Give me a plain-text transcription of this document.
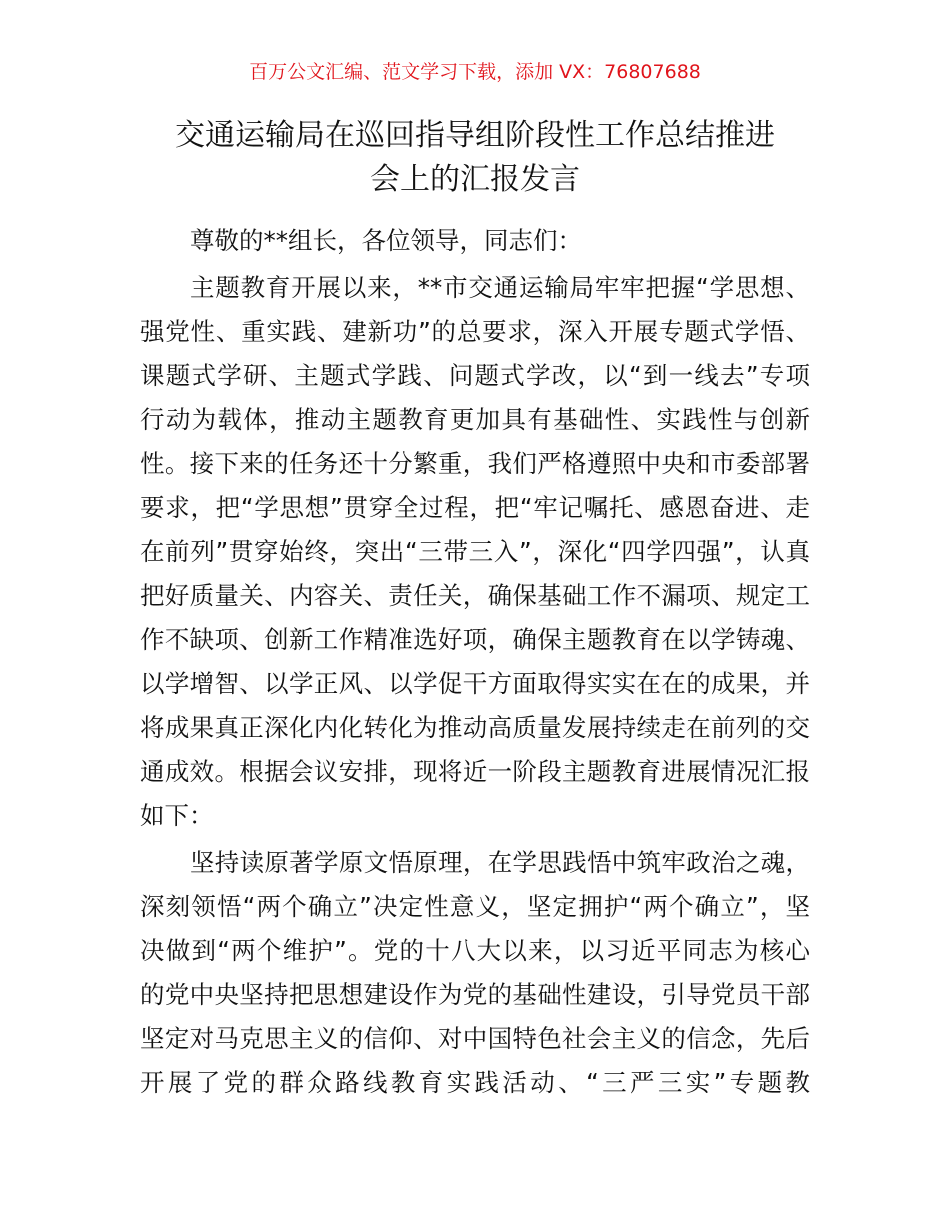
百万公文汇编、范文学习下载，添加 VX：76807688
交通运输局在巡回指导组阶段性工作总结推进
会上的汇报发言
尊敬的**组长，各位领导，同志们：
主题教育开展以来，**市交通运输局牢牢把握“学思想、
强党性、重实践、建新功”的总要求，深入开展专题式学悟、
课题式学研、主题式学践、问题式学改，以“到一线去”专项
行动为载体，推动主题教育更加具有基础性、实践性与创新
性。接下来的任务还十分繁重，我们严格遵照中央和市委部署
要求，把“学思想”贯穿全过程，把“牢记嘱托、感恩奋进、走
在前列”贯穿始终，突出“三带三入”，深化“四学四强”，认真
把好质量关、内容关、责任关，确保基础工作不漏项、规定工
作不缺项、创新工作精准选好项，确保主题教育在以学铸魂、
以学增智、以学正风、以学促干方面取得实实在在的成果，并
将成果真正深化内化转化为推动高质量发展持续走在前列的交
通成效。根据会议安排，现将近一阶段主题教育进展情况汇报
如下：
坚持读原著学原文悟原理，在学思践悟中筑牢政治之魂，
深刻领悟“两个确立”决定性意义，坚定拥护“两个确立”，坚
决做到“两个维护”。党的十八大以来，以习近平同志为核心
的党中央坚持把思想建设作为党的基础性建设，引导党员干部
坚定对马克思主义的信仰、对中国特色社会主义的信念，先后
开展了党的群众路线教育实践活动、“三严三实”专题教
